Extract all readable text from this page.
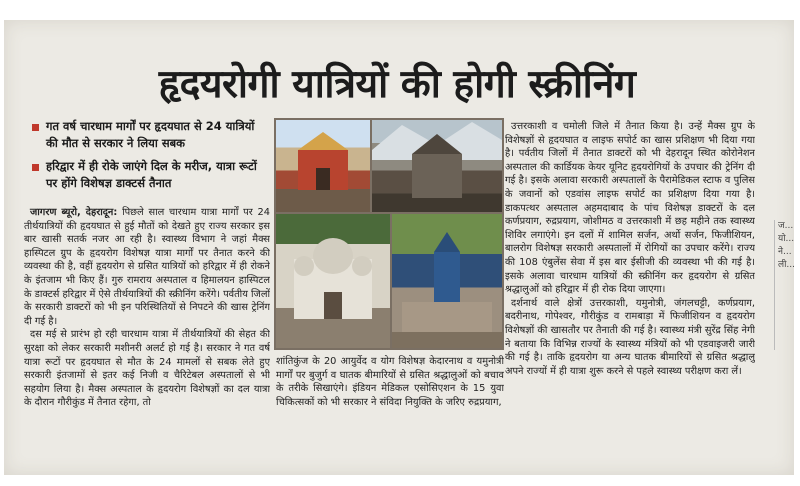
हृदयरोगी यात्रियों की होगी स्क्रीनिंग
गत वर्ष चारधाम मार्गों पर हृदयघात से 24 यात्रियों की मौत से सरकार ने लिया सबक
हरिद्वार में ही रोके जाएंगे दिल के मरीज, यात्रा रूटों पर होंगे विशेषज्ञ डाक्टर्स तैनात

जागरण ब्यूरो, देहरादून: पिछले साल चारधाम यात्रा मार्गों पर 24 तीर्थयात्रियों की हृदयघात से हुई मौतों को देखते हुए राज्य सरकार इस बार खासी सतर्क नजर आ रही है। स्वास्थ्य विभाग ने जहां मैक्स हास्पिटल ग्रुप के हृदयरोग विशेषज्ञ यात्रा मार्गों पर तैनात करने की व्यवस्था की है, वहीं हृदयरोग से ग्रसित यात्रियों को हरिद्वार में ही रोकने के इंतजाम भी किए हैं। गुरु रामराय अस्पताल व हिमालयन हास्पिटल के डाक्टर्स हरिद्वार में ऐसे तीर्थयात्रियों की स्क्रीनिंग करेंगे। पर्वतीय जिलों के सरकारी डाक्टरों को भी इन परिस्थितियों से निपटने की खास ट्रेनिंग दी गई है।

दस मई से प्रारंभ हो रही चारधाम यात्रा में तीर्थयात्रियों की सेहत की सुरक्षा को लेकर सरकारी मशीनरी अलर्ट हो गई है। सरकार ने गत वर्ष यात्रा रूटों पर हृदयघात से मौत के 24 मामलों से सबक लेते हुए सरकारी इंतजामों से इतर कई निजी व चैरिटेबल अस्पतालों से भी सहयोग लिया है। मैक्स अस्पताल के हृदयरोग विशेषज्ञों का दल यात्रा के दौरान गौरीकुंड में तैनात रहेगा, तो

शांतिकुंज के 20 आयुर्वेद व योग विशेषज्ञ केदारनाथ व यमुनोत्री मार्गों पर बुजुर्ग व घातक बीमारियों से ग्रसित श्रद्धालुओं को बचाव के तरीके सिखाएंगे। इंडियन मेडिकल एसोसिएशन के 15 युवा चिकित्सकों को भी सरकार ने संविदा नियुक्ति के जरिए रुद्रप्रयाग,

उत्तरकाशी व चमोली जिले में तैनात किया है। उन्हें मैक्स ग्रुप के विशेषज्ञों से हृदयघात व लाइफ सपोर्ट का खास प्रशिक्षण भी दिया गया है। पर्वतीय जिलों में तैनात डाक्टरों को भी देहरादून स्थित कोरोनेशन अस्पताल की कार्डियक केयर यूनिट हृदयरोगियों के उपचार की ट्रेनिंग दी गई है। इसके अलावा सरकारी अस्पतालों के पैरामेडिकल स्टाफ व पुलिस के जवानों को एडवांस लाइफ सपोर्ट का प्रशिक्षण दिया गया है। डाकपत्थर अस्पताल अहमदाबाद के पांच विशेषज्ञ डाक्टरों के दल कर्णप्रयाग, रुद्रप्रयाग, जोशीमठ व उत्तरकाशी में छह महीने तक स्वास्थ्य शिविर लगाएंगे। इन दलों में शामिल सर्जन, अर्थो सर्जन, फिजीशियन, बालरोग विशेषज्ञ सरकारी अस्पतालों में रोगियों का उपचार करेंगे। राज्य की 108 एंबुलेंस सेवा में इस बार ईसीजी की व्यवस्था भी की गई है। इसके अलावा चारधाम यात्रियों की स्क्रीनिंग कर हृदयरोग से ग्रसित श्रद्धालुओं को हरिद्वार में ही रोक दिया जाएगा।

दर्शनार्थ वाले क्षेत्रों उत्तरकाशी, यमुनोत्री, जंगलचट्टी, कर्णप्रयाग, बदरीनाथ, गोपेश्वर, गौरीकुंड व रामबाड़ा में फिजीशियन व हृदयरोग विशेषज्ञों की खासतौर पर तैनाती की गई है। स्वास्थ्य मंत्री सुरेंद्र सिंह नेगी ने बताया कि विभिन्न राज्यों के स्वास्थ्य मंत्रियों को भी एडवाइजरी जारी की गई है। ताकि हृदयरोग या अन्य घातक बीमारियों से ग्रसित श्रद्धालु अपने राज्यों में ही यात्रा शुरू करने से पहले स्वास्थ्य परीक्षण करा लें।

ज... यो... ने... ली...
